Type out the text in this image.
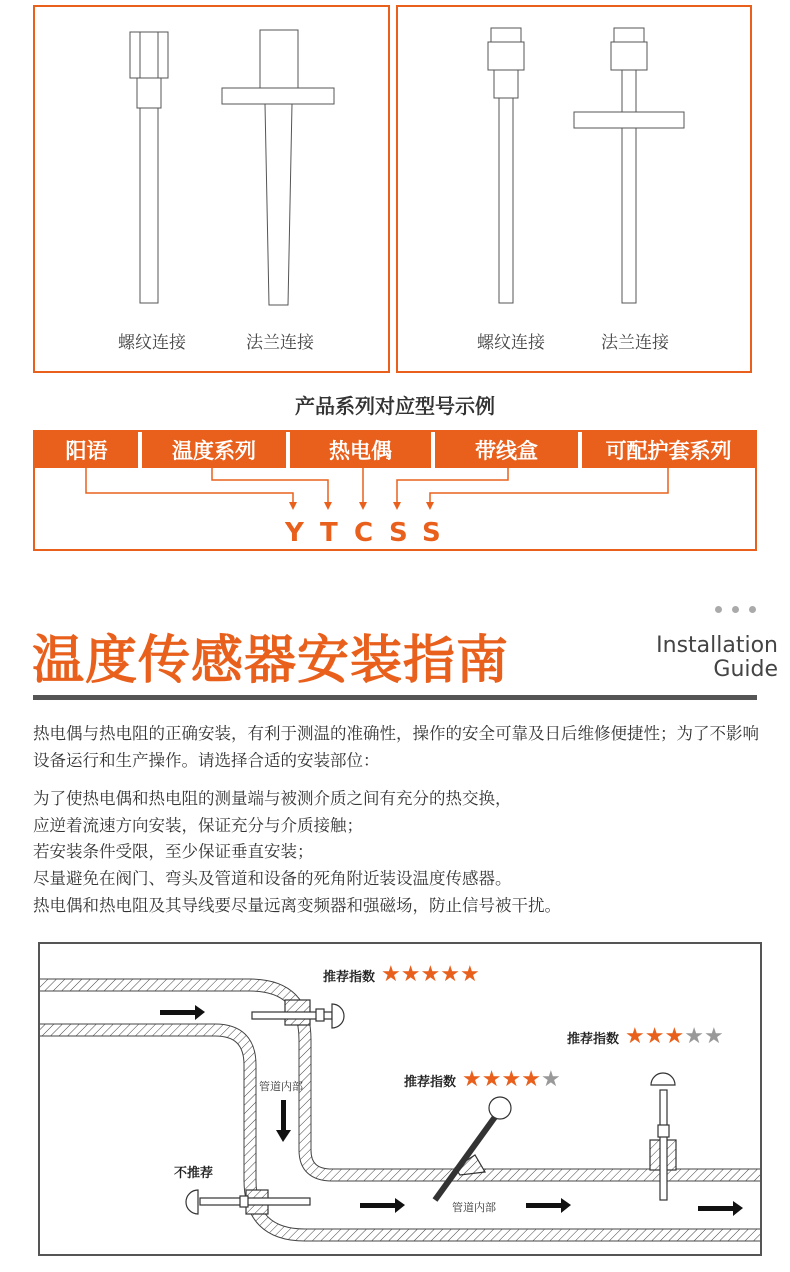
螺纹连接	法兰连接	螺纹连接	法兰连接
产品系列对应型号示例
阳语	温度系列	热电偶	带线盒	可配护套系列
Y T C S S
温度传感器安装指南	Installation
Guide
热电偶与热电阻的正确安装，有利于测温的准确性，操作的安全可靠及日后维修便捷性；为了不影响设备运行和生产操作。请选择合适的安装部位：
为了使热电偶和热电阻的测量端与被测介质之间有充分的热交换，
应逆着流速方向安装，保证充分与介质接触；
若安装条件受限，至少保证垂直安装；
尽量避免在阀门、弯头及管道和设备的死角附近装设温度传感器。
热电偶和热电阻及其导线要尽量远离变频器和强磁场，防止信号被干扰。
推荐指数 ★★★★★
推荐指数 ★★★★★
推荐指数 ★★★★★
不推荐
管道内部
管道内部
